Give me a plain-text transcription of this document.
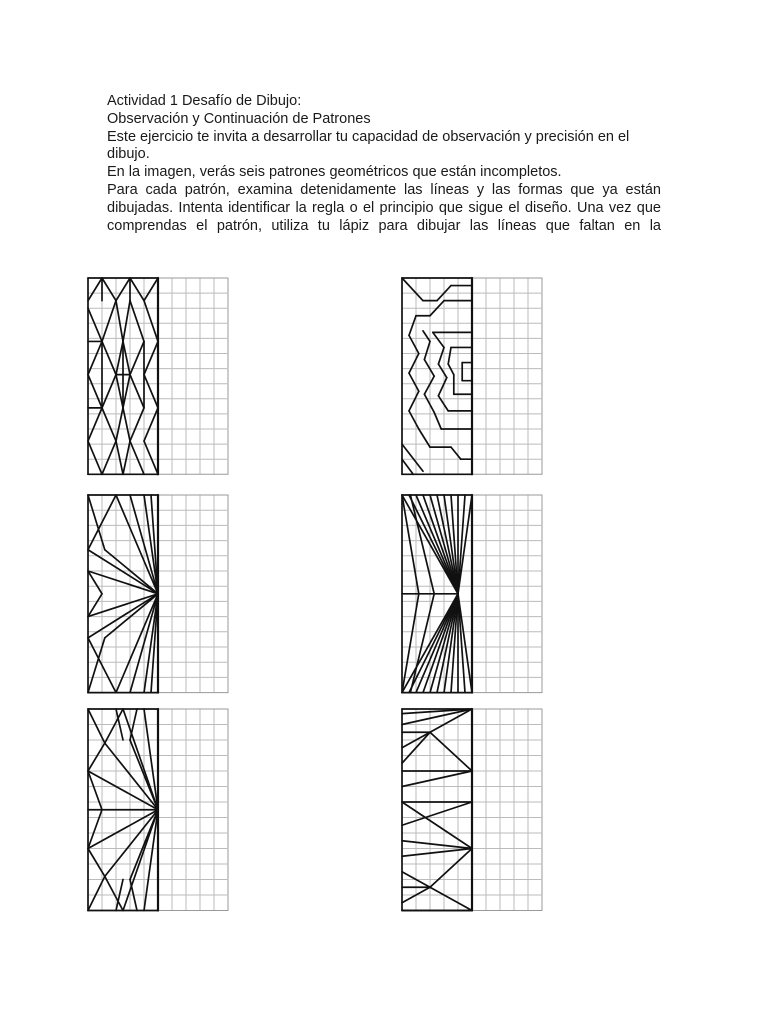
Actividad 1 Desafío de Dibujo:

Observación y Continuación de Patrones

Este ejercicio te invita a desarrollar tu capacidad de observación y precisión en el dibujo.

En la imagen, verás seis patrones geométricos que están incompletos.

Para cada patrón, examina detenidamente las líneas y las formas que ya están dibujadas. Intenta identificar la regla o el principio que sigue el diseño. Una vez que comprendas el patrón, utiliza tu lápiz para dibujar las líneas que faltan en la
